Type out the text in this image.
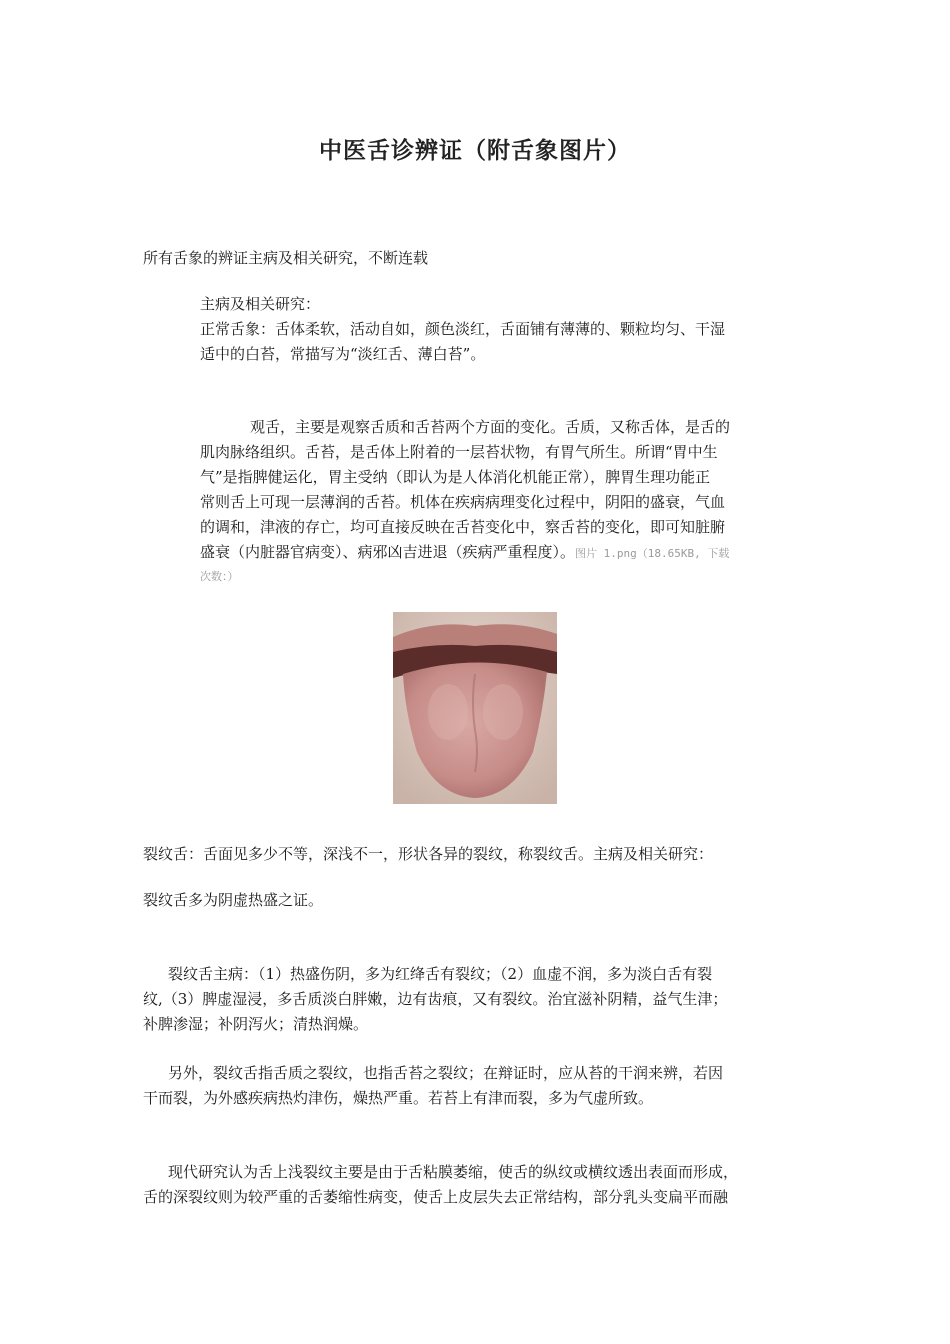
中医舌诊辨证（附舌象图片）

所有舌象的辨证主病及相关研究，不断连载

主病及相关研究：

正常舌象：舌体柔软，活动自如，颜色淡红，舌面铺有薄薄的、颗粒均匀、干湿

适中的白苔，常描写为“淡红舌、薄白苔”。

观舌，主要是观察舌质和舌苔两个方面的变化。舌质，又称舌体，是舌的

肌肉脉络组织。舌苔，是舌体上附着的一层苔状物，有胃气所生。所谓“胃中生

气”是指脾健运化，胃主受纳（即认为是人体消化机能正常），脾胃生理功能正

常则舌上可现一层薄润的舌苔。机体在疾病病理变化过程中，阴阳的盛衰，气血

的调和，津液的存亡，均可直接反映在舌苔变化中，察舌苔的变化，即可知脏腑

盛衰（内脏器官病变）、病邪凶吉进退（疾病严重程度）。图片 1.png（18.65KB, 下载

次数：）

裂纹舌：舌面见多少不等，深浅不一，形状各异的裂纹，称裂纹舌。主病及相关研究：

裂纹舌多为阴虚热盛之证。

裂纹舌主病：（1）热盛伤阴，多为红绛舌有裂纹；（2）血虚不润，多为淡白舌有裂

纹,（3）脾虚湿浸，多舌质淡白胖嫩，边有齿痕，又有裂纹。治宜滋补阴精，益气生津；

补脾渗湿；补阴泻火；清热润燥。

另外，裂纹舌指舌质之裂纹，也指舌苔之裂纹；在辩证时，应从苔的干润来辨，若因

干而裂，为外感疾病热灼津伤，燥热严重。若苔上有津而裂，多为气虚所致。

现代研究认为舌上浅裂纹主要是由于舌粘膜萎缩，使舌的纵纹或横纹透出表面而形成，

舌的深裂纹则为较严重的舌萎缩性病变，使舌上皮层失去正常结构，部分乳头变扁平而融
